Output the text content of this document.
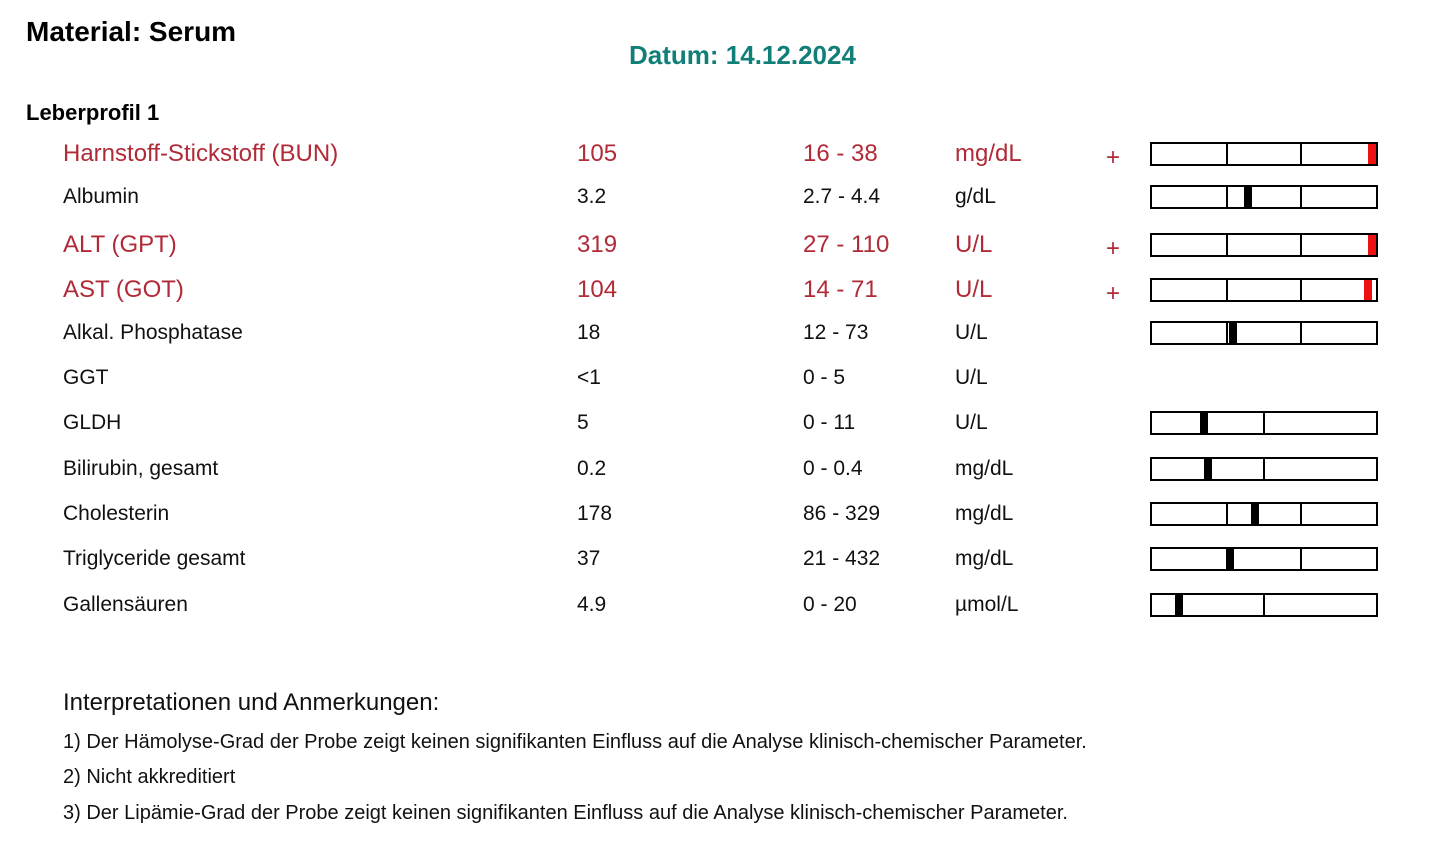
Material: Serum
Datum: 14.12.2024
Leberprofil 1
Harnstoff-Stickstoff (BUN)	105	16 - 38	mg/dL	+
Albumin	3.2	2.7 - 4.4	g/dL
ALT (GPT)	319	27 - 110	U/L	+
AST (GOT)	104	14 - 71	U/L	+
Alkal. Phosphatase	18	12 - 73	U/L
GGT	<1	0 - 5	U/L
GLDH	5	0 - 11	U/L
Bilirubin, gesamt	0.2	0 - 0.4	mg/dL
Cholesterin	178	86 - 329	mg/dL
Triglyceride gesamt	37	21 - 432	mg/dL
Gallensäuren	4.9	0 - 20	µmol/L
Interpretationen und Anmerkungen:
1) Der Hämolyse-Grad der Probe zeigt keinen signifikanten Einfluss auf die Analyse klinisch-chemischer Parameter.
2) Nicht akkreditiert
3) Der Lipämie-Grad der Probe zeigt keinen signifikanten Einfluss auf die Analyse klinisch-chemischer Parameter.
